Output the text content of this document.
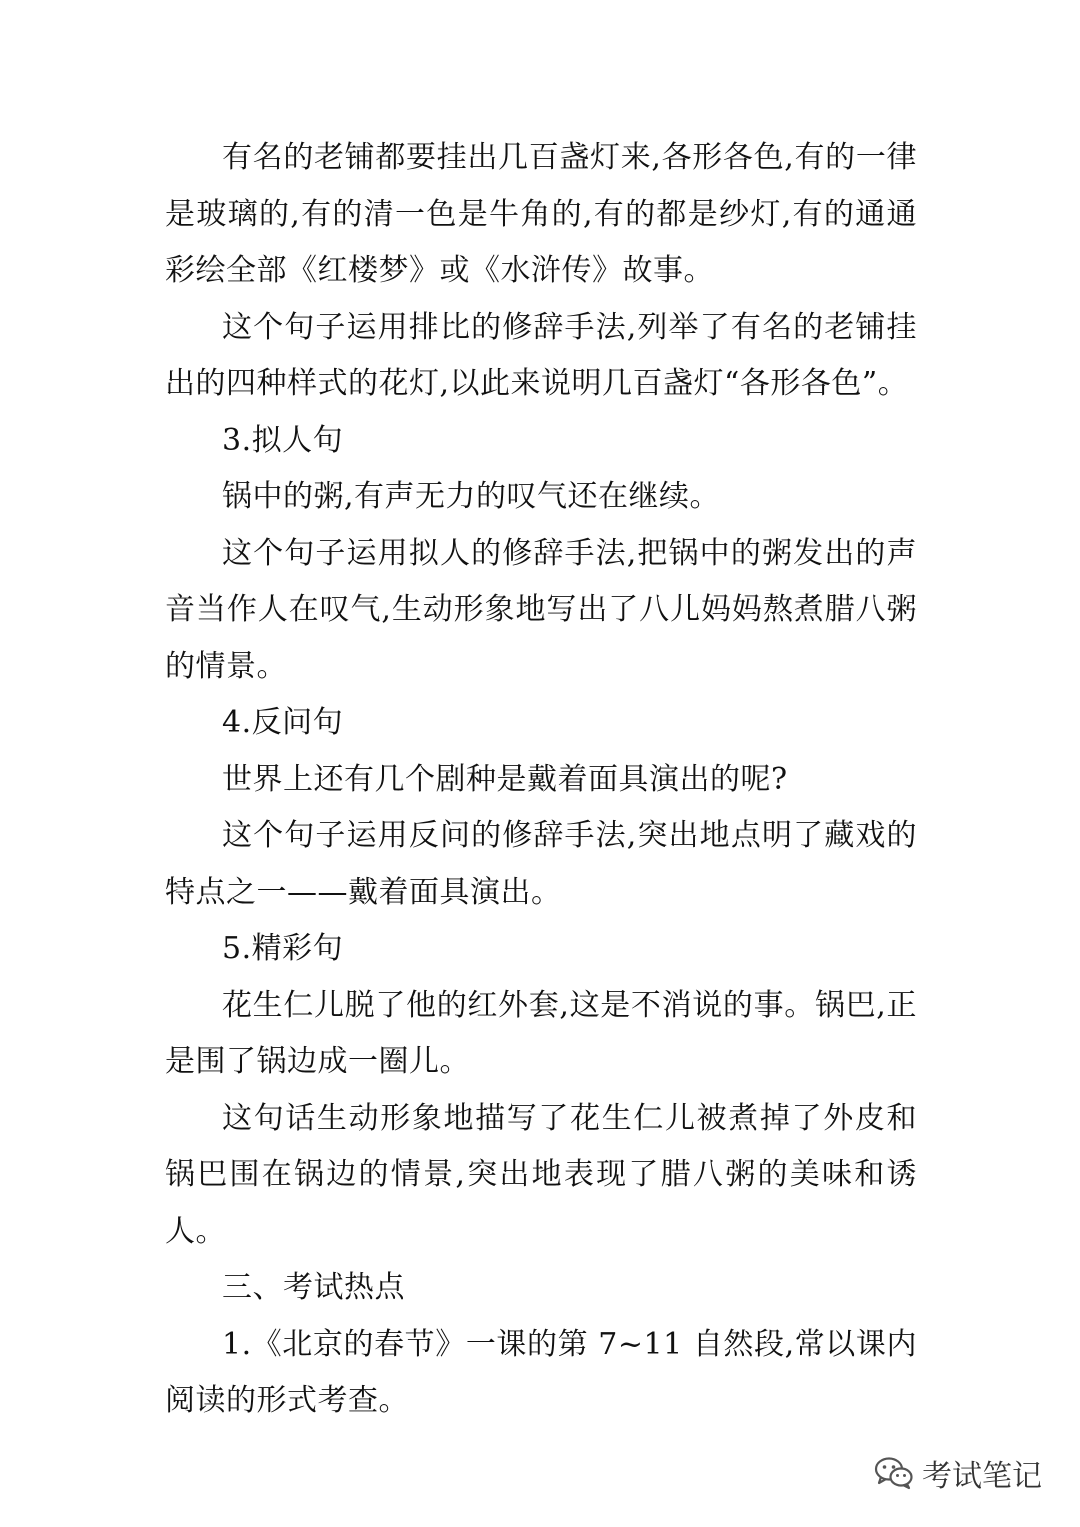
有名的老铺都要挂出几百盏灯来,各形各色,有的一律是玻璃的,有的清一色是牛角的,有的都是纱灯,有的通通彩绘全部《红楼梦》或《水浒传》故事。

这个句子运用排比的修辞手法,列举了有名的老铺挂出的四种样式的花灯,以此来说明几百盏灯“各形各色”。

3.拟人句

锅中的粥,有声无力的叹气还在继续。

这个句子运用拟人的修辞手法,把锅中的粥发出的声音当作人在叹气,生动形象地写出了八儿妈妈熬煮腊八粥的情景。

4.反问句

世界上还有几个剧种是戴着面具演出的呢?

这个句子运用反问的修辞手法,突出地点明了藏戏的特点之一——戴着面具演出。

5.精彩句

花生仁儿脱了他的红外套,这是不消说的事。锅巴,正是围了锅边成一圈儿。

这句话生动形象地描写了花生仁儿被煮掉了外皮和锅巴围在锅边的情景,突出地表现了腊八粥的美味和诱人。

三、考试热点

1.《北京的春节》一课的第 7~11 自然段,常以课内阅读的形式考查。

考试笔记
